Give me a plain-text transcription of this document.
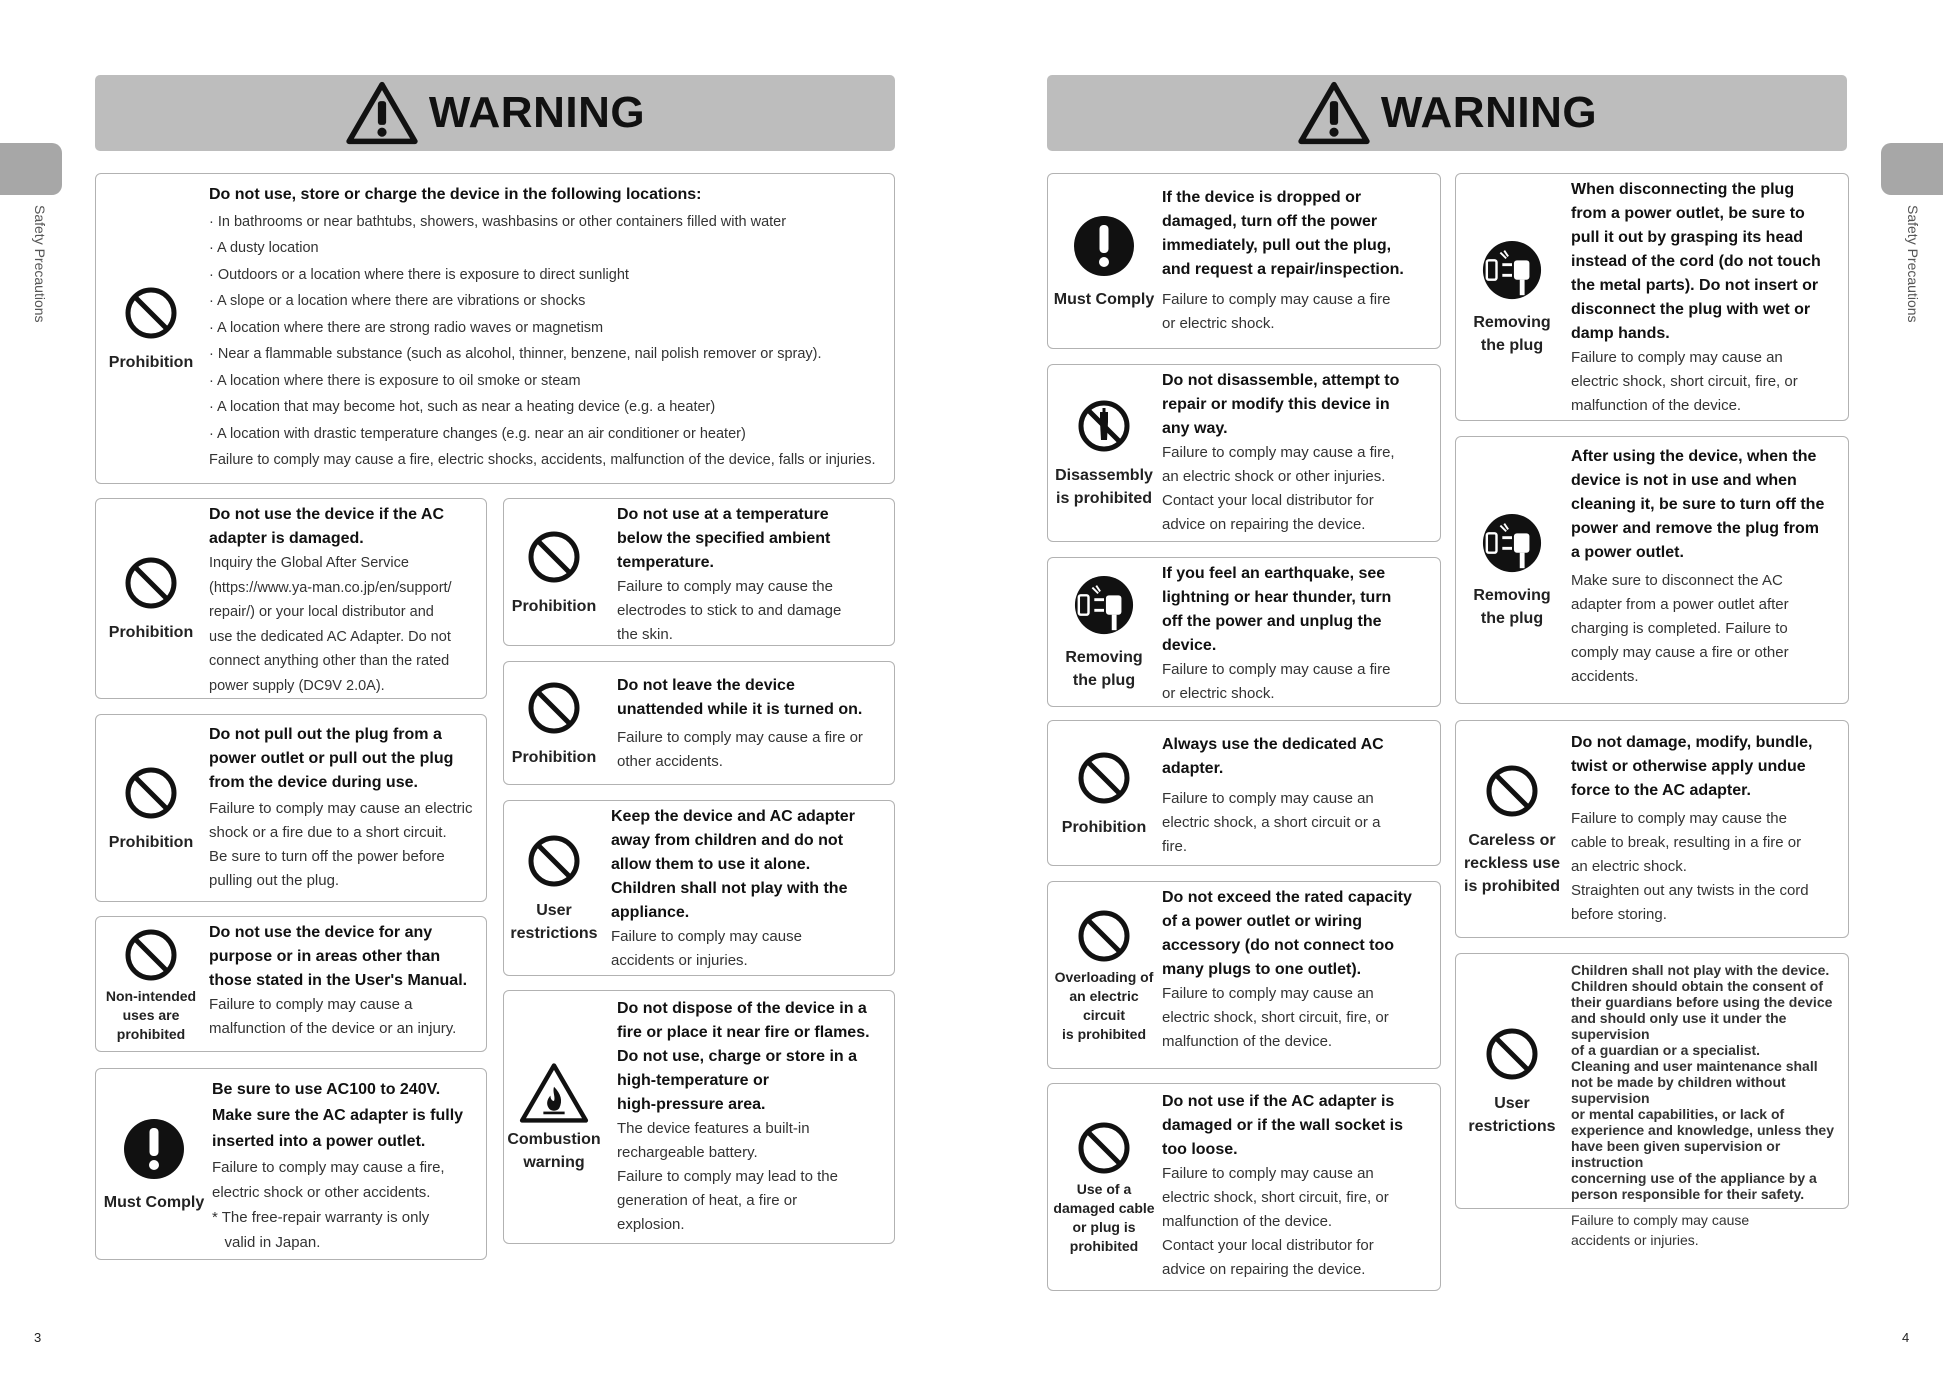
Safety Precautions
3
WARNING
Prohibition
Do not use, store or charge the device in the following locations:
· In bathrooms or near bathtubs, showers, washbasins or other containers filled with water
· A dusty location
· Outdoors or a location where there is exposure to direct sunlight
· A slope or a location where there are vibrations or shocks
· A location where there are strong radio waves or magnetism
· Near a flammable substance (such as alcohol, thinner, benzene, nail polish remover or spray).
· A location where there is exposure to oil smoke or steam
· A location that may become hot, such as near a heating device (e.g. a heater)
· A location with drastic temperature changes (e.g. near an air conditioner or heater)
Failure to comply may cause a fire, electric shocks, accidents, malfunction of the device, falls or injuries.
Prohibition
Do not use the device if the AC
adapter is damaged.
Inquiry the Global After Service
(https://www.ya-man.co.jp/en/support/
repair/) or your local distributor and
use the dedicated AC Adapter. Do not
connect anything other than the rated
power supply (DC9V 2.0A).
Prohibition
Do not use at a temperature
below the specified ambient
temperature.
Failure to comply may cause the
electrodes to stick to and damage
the skin.
Prohibition
Do not leave the device
unattended while it is turned on.
Failure to comply may cause a fire or
other accidents.
Prohibition
Do not pull out the plug from a
power outlet or pull out the plug
from the device during use.
Failure to comply may cause an electric
shock or a fire due to a short circuit.
Be sure to turn off the power before
pulling out the plug.
User
restrictions
Keep the device and AC adapter
away from children and do not
allow them to use it alone.
Children shall not play with the
appliance.
Failure to comply may cause
accidents or injuries.
Non-intended
uses are
prohibited
Do not use the device for any
purpose or in areas other than
those stated in the User's Manual.
Failure to comply may cause a
malfunction of the device or an injury.
Combustion
warning
Do not dispose of the device in a
fire or place it near fire or flames.
Do not use, charge or store in a
high-temperature or
high-pressure area.
The device features a built-in
rechargeable battery.
Failure to comply may lead to the
generation of heat, a fire or
explosion.
Must Comply
Be sure to use AC100 to 240V.
Make sure the AC adapter is fully
inserted into a power outlet.
Failure to comply may cause a fire,
electric shock or other accidents.
* The free-repair warranty is only
valid in Japan.
Safety Precautions
4
WARNING
Must Comply
If the device is dropped or
damaged, turn off the power
immediately, pull out the plug,
and request a repair/inspection.
Failure to comply may cause a fire
or electric shock.	Removing
the plug
When disconnecting the plug
from a power outlet, be sure to
pull it out by grasping its head
instead of the cord (do not touch
the metal parts). Do not insert or
disconnect the plug with wet or
damp hands.
Failure to comply may cause an
electric shock, short circuit, fire, or
malfunction of the device.
Disassembly
is prohibited
Do not disassemble, attempt to
repair or modify this device in
any way.
Failure to comply may cause a fire,
an electric shock or other injuries.
Contact your local distributor for
advice on repairing the device.
Removing
the plug
After using the device, when the
device is not in use and when
cleaning it, be sure to turn off the
power and remove the plug from
a power outlet.
Make sure to disconnect the AC
adapter from a power outlet after
charging is completed. Failure to
comply may cause a fire or other
accidents.
Removing
the plug
If you feel an earthquake, see
lightning or hear thunder, turn
off the power and unplug the
device.
Failure to comply may cause a fire
or electric shock.
Prohibition
Always use the dedicated AC
adapter.
Failure to comply may cause an
electric shock, a short circuit or a
fire.	Careless or
reckless use
is prohibited
Do not damage, modify, bundle,
twist or otherwise apply undue
force to the AC adapter.
Failure to comply may cause the
cable to break, resulting in a fire or
an electric shock.
Straighten out any twists in the cord
before storing.
Overloading of
an electric circuit
is prohibited
Do not exceed the rated capacity
of a power outlet or wiring
accessory (do not connect too
many plugs to one outlet).
Failure to comply may cause an
electric shock, short circuit, fire, or
malfunction of the device.
User
restrictions
Children shall not play with the device.
Children should obtain the consent of
their guardians before using the device
and should only use it under the supervision
of a guardian or a specialist.
Cleaning and user maintenance shall
not be made by children without supervision
or mental capabilities, or lack of
experience and knowledge, unless they
have been given supervision or instruction
concerning use of the appliance by a
person responsible for their safety.
Failure to comply may cause
accidents or injuries.
Use of a
damaged cable
or plug is
prohibited
Do not use if the AC adapter is
damaged or if the wall socket is
too loose.
Failure to comply may cause an
electric shock, short circuit, fire, or
malfunction of the device.
Contact your local distributor for
advice on repairing the device.
